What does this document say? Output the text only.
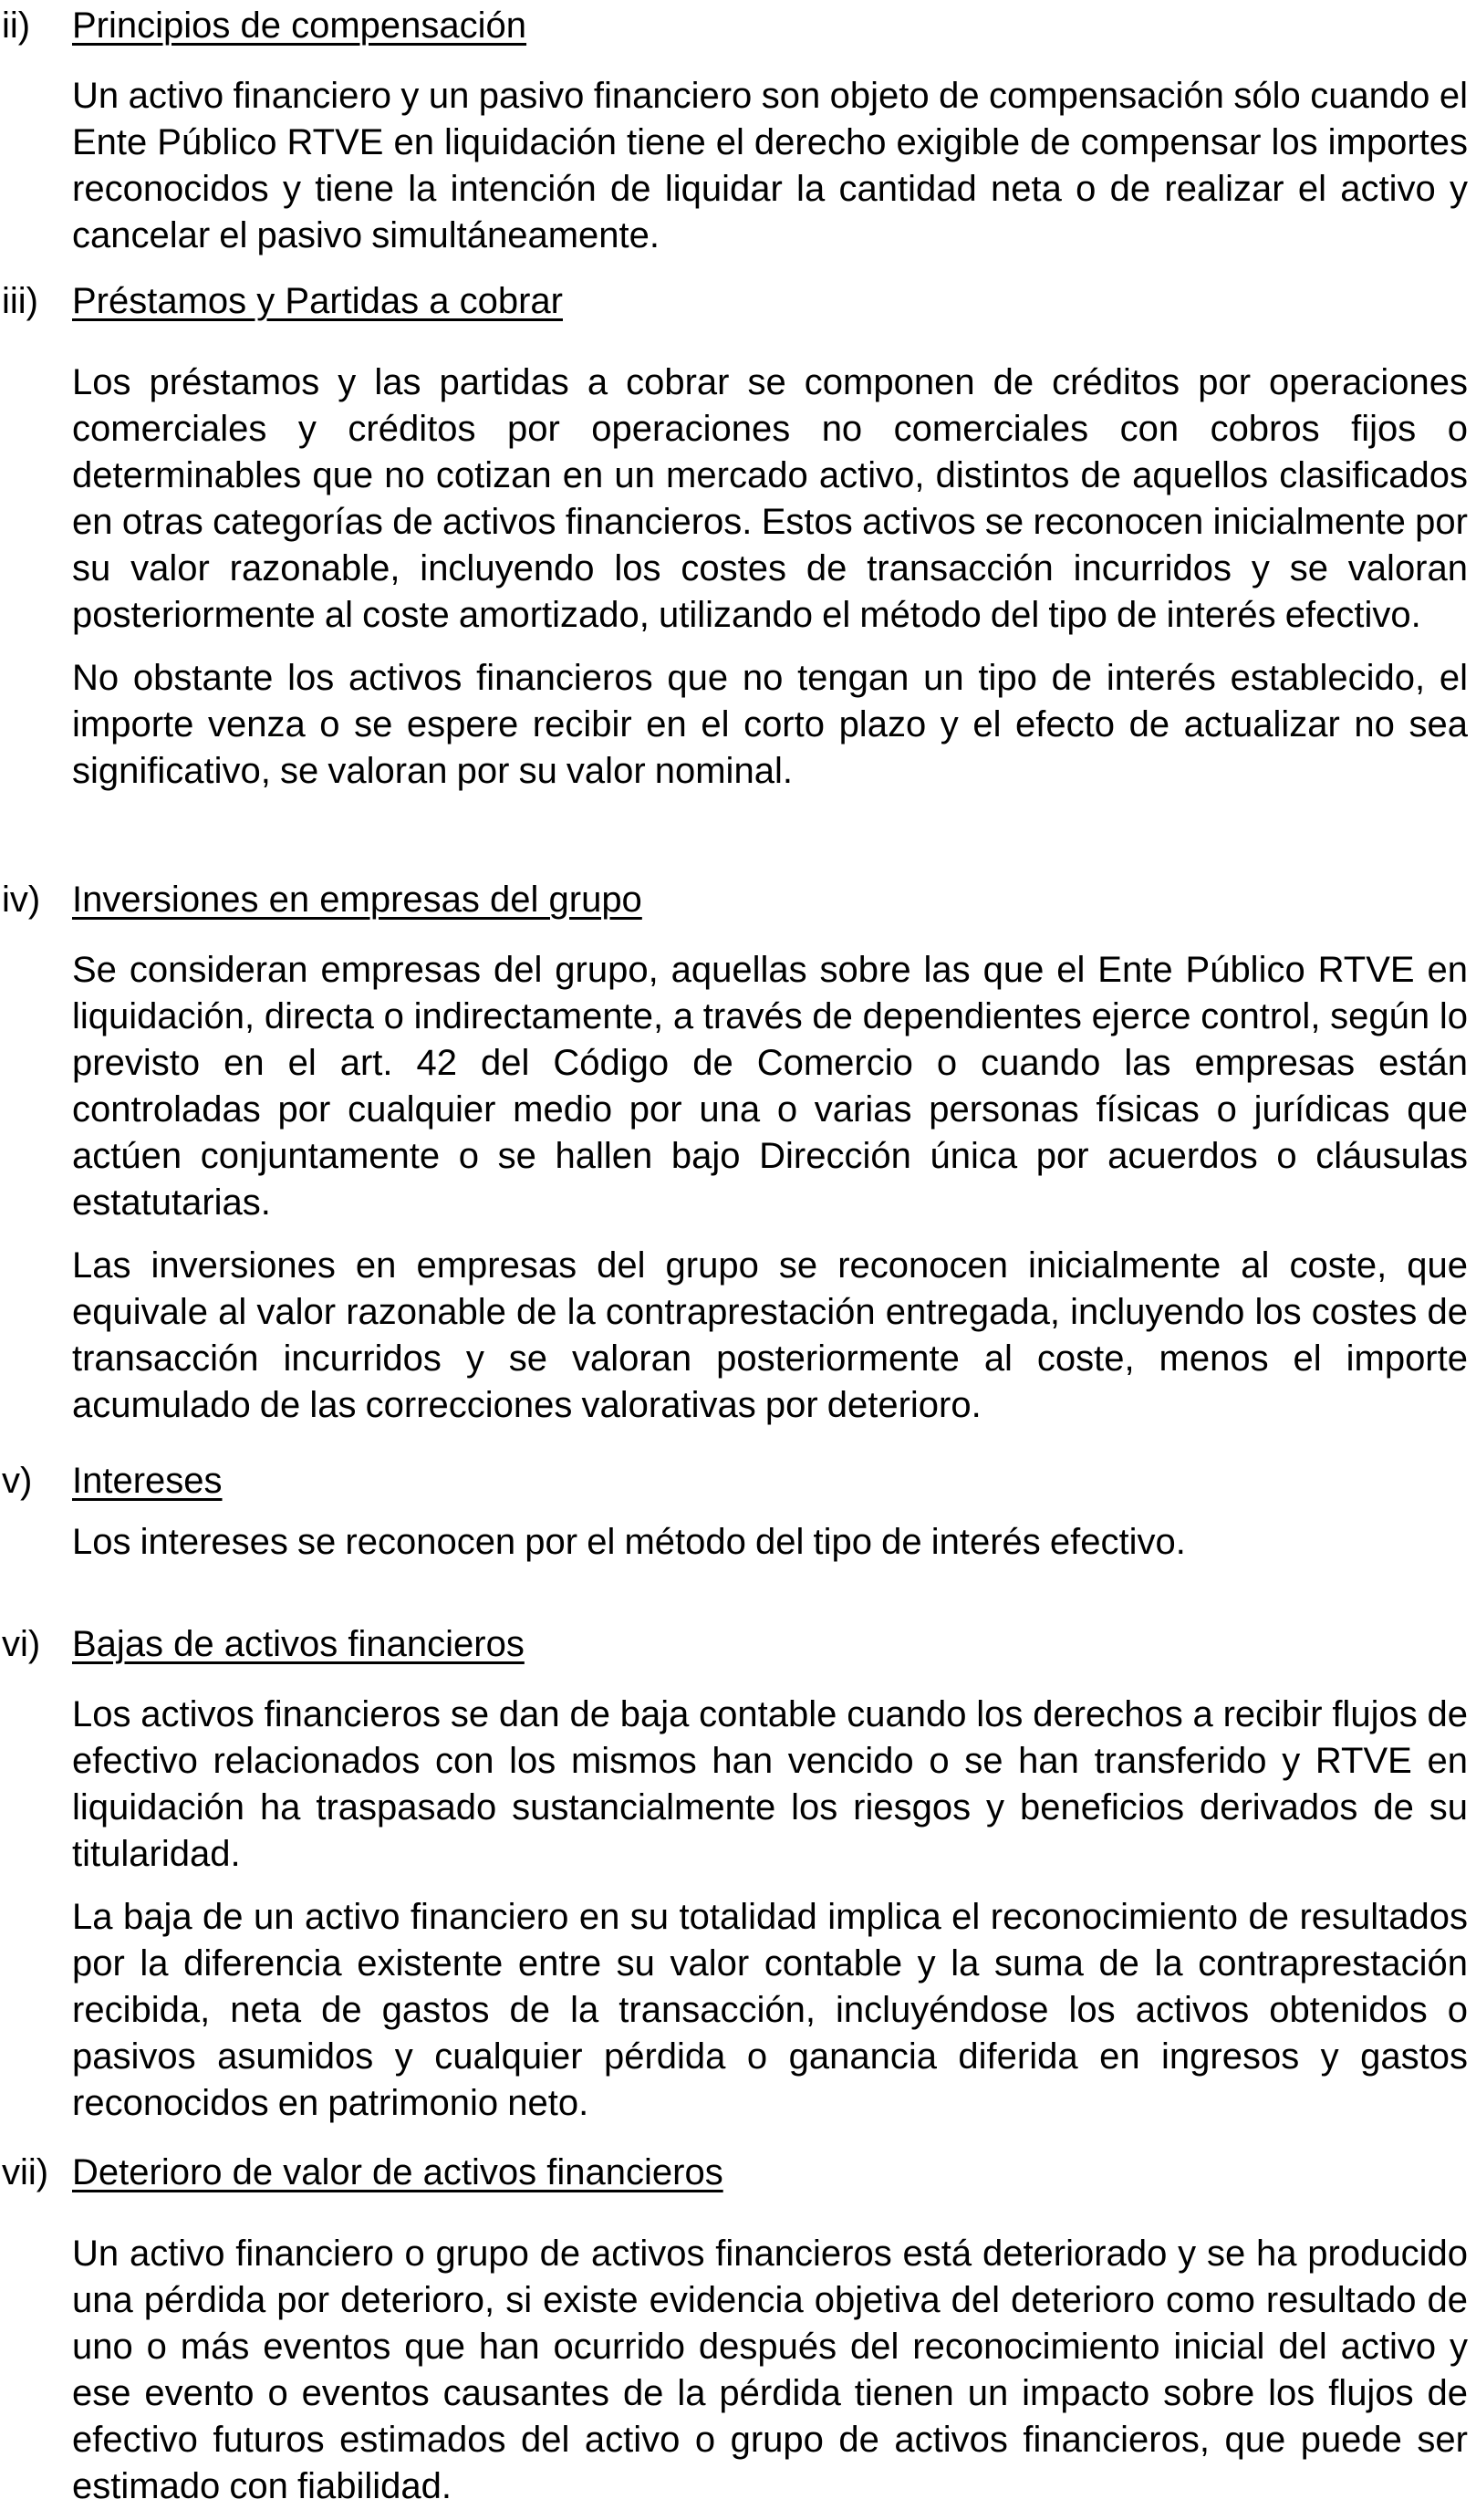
ii) Principios de compensación

Un activo financiero y un pasivo financiero son objeto de compensación sólo cuando el Ente Público RTVE en liquidación tiene el derecho exigible de compensar los importes reconocidos y tiene la intención de liquidar la cantidad neta o de realizar el activo y cancelar el pasivo simultáneamente.

iii) Préstamos y Partidas a cobrar

Los préstamos y las partidas a cobrar se componen de créditos por operaciones comerciales y créditos por operaciones no comerciales con cobros fijos o determinables que no cotizan en un mercado activo, distintos de aquellos clasificados en otras categorías de activos financieros. Estos activos se reconocen inicialmente por su valor razonable, incluyendo los costes de transacción incurridos y se valoran posteriormente al coste amortizado, utilizando el método del tipo de interés efectivo.

No obstante los activos financieros que no tengan un tipo de interés establecido, el importe venza o se espere recibir en el corto plazo y el efecto de actualizar no sea significativo, se valoran por su valor nominal.

iv) Inversiones en empresas del grupo

Se consideran empresas del grupo, aquellas sobre las que el Ente Público RTVE en liquidación, directa o indirectamente, a través de dependientes ejerce control, según lo previsto en el art. 42 del Código de Comercio o cuando las empresas están controladas por cualquier medio por una o varias personas físicas o jurídicas que actúen conjuntamente o se hallen bajo Dirección única por acuerdos o cláusulas estatutarias.

Las inversiones en empresas del grupo se reconocen inicialmente al coste, que equivale al valor razonable de la contraprestación entregada, incluyendo los costes de transacción incurridos y se valoran posteriormente al coste, menos el importe acumulado de las correcciones valorativas por deterioro.

v) Intereses

Los intereses se reconocen por el método del tipo de interés efectivo.

vi) Bajas de activos financieros

Los activos financieros se dan de baja contable cuando los derechos a recibir flujos de efectivo relacionados con los mismos han vencido o se han transferido y RTVE en liquidación ha traspasado sustancialmente los riesgos y beneficios derivados de su titularidad.

La baja de un activo financiero en su totalidad implica el reconocimiento de resultados por la diferencia existente entre su valor contable y la suma de la contraprestación recibida, neta de gastos de la transacción, incluyéndose los activos obtenidos o pasivos asumidos y cualquier pérdida o ganancia diferida en ingresos y gastos reconocidos en patrimonio neto.

vii) Deterioro de valor de activos financieros

Un activo financiero o grupo de activos financieros está deteriorado y se ha producido una pérdida por deterioro, si existe evidencia objetiva del deterioro como resultado de uno o más eventos que han ocurrido después del reconocimiento inicial del activo y ese evento o eventos causantes de la pérdida tienen un impacto sobre los flujos de efectivo futuros estimados del activo o grupo de activos financieros, que puede ser estimado con fiabilidad.
